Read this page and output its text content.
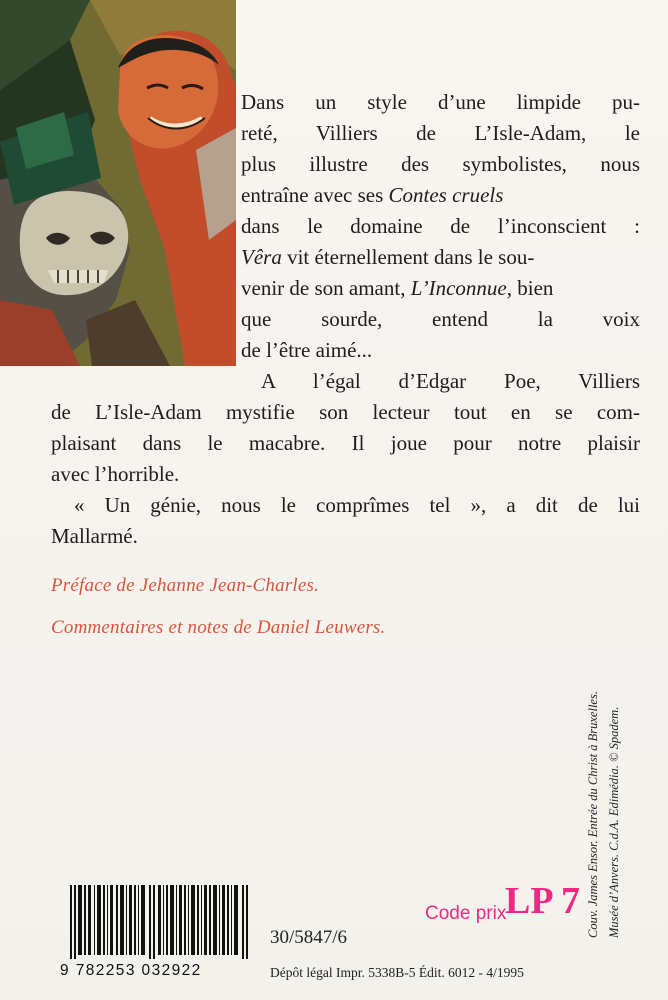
Dans un style d’une limpide pu-

reté, Villiers de L’Isle-Adam, le

plus illustre des symbolistes, nous

entraîne avec ses Contes cruels

dans le domaine de l’inconscient :

Vêra vit éternellement dans le sou-

venir de son amant, L’Inconnue, bien

que sourde, entend la voix

de l’être aimé...

A l’égal d’Edgar Poe, Villiers

de L’Isle-Adam mystifie son lecteur tout en se com-

plaisant dans le macabre. Il joue pour notre plaisir

avec l’horrible.

« Un génie, nous le comprîmes tel », a dit de lui

Mallarmé.

Préface de Jehanne Jean-Charles.
Commentaires et notes de Daniel Leuwers.
Couv. James Ensor. Entrée du Christ à Bruxelles. Musée d’Anvers. C.d.A. Edimédia. © Spadem.
9 782253 032922
Code prix
LP 7
30/5847/6
Dépôt légal Impr. 5338B-5 Édit. 6012 - 4/1995
